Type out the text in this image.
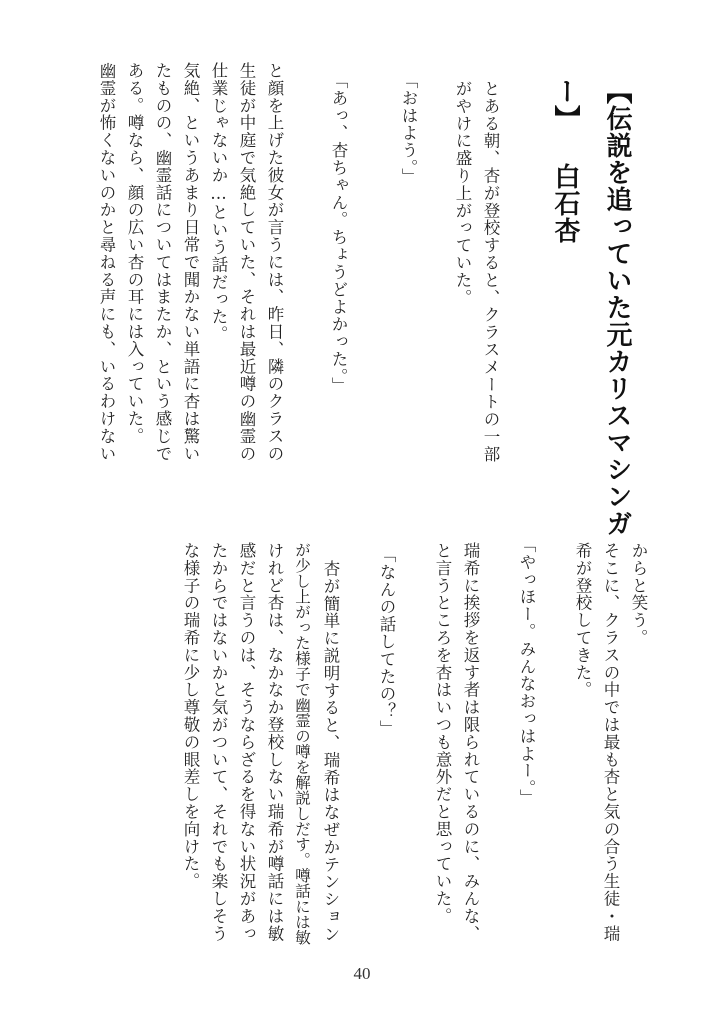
【伝説を追っていた元カリスマシンガ
ー】 白石杏
とある朝、杏が登校すると、クラスメートの一部
がやけに盛り上がっていた。
「おはよう。」
「あっ、杏ちゃん。ちょうどよかった。」
と顔を上げた彼女が言うには、昨日、隣のクラスの
生徒が中庭で気絶していた、それは最近噂の幽霊の
仕業じゃないか…という話だった。
気絶、というあまり日常で聞かない単語に杏は驚い
たものの、幽霊話についてはまたか、という感じで
ある。噂なら、顔の広い杏の耳には入っていた。
幽霊が怖くないのかと尋ねる声にも、いるわけない
からと笑う。
そこに、クラスの中では最も杏と気の合う生徒・瑞
希が登校してきた。
「やっほー。みんなおっはよー。」
瑞希に挨拶を返す者は限られているのに、みんな、
と言うところを杏はいつも意外だと思っていた。
「なんの話してたの？」
杏が簡単に説明すると、瑞希はなぜかテンション
が少し上がった様子で幽霊の噂を解説しだす。噂話には敏
けれど杏は、なかなか登校しない瑞希が噂話には敏
感だと言うのは、そうならざるを得ない状況があっ
たからではないかと気がついて、それでも楽しそう
な様子の瑞希に少し尊敬の眼差しを向けた。
40
